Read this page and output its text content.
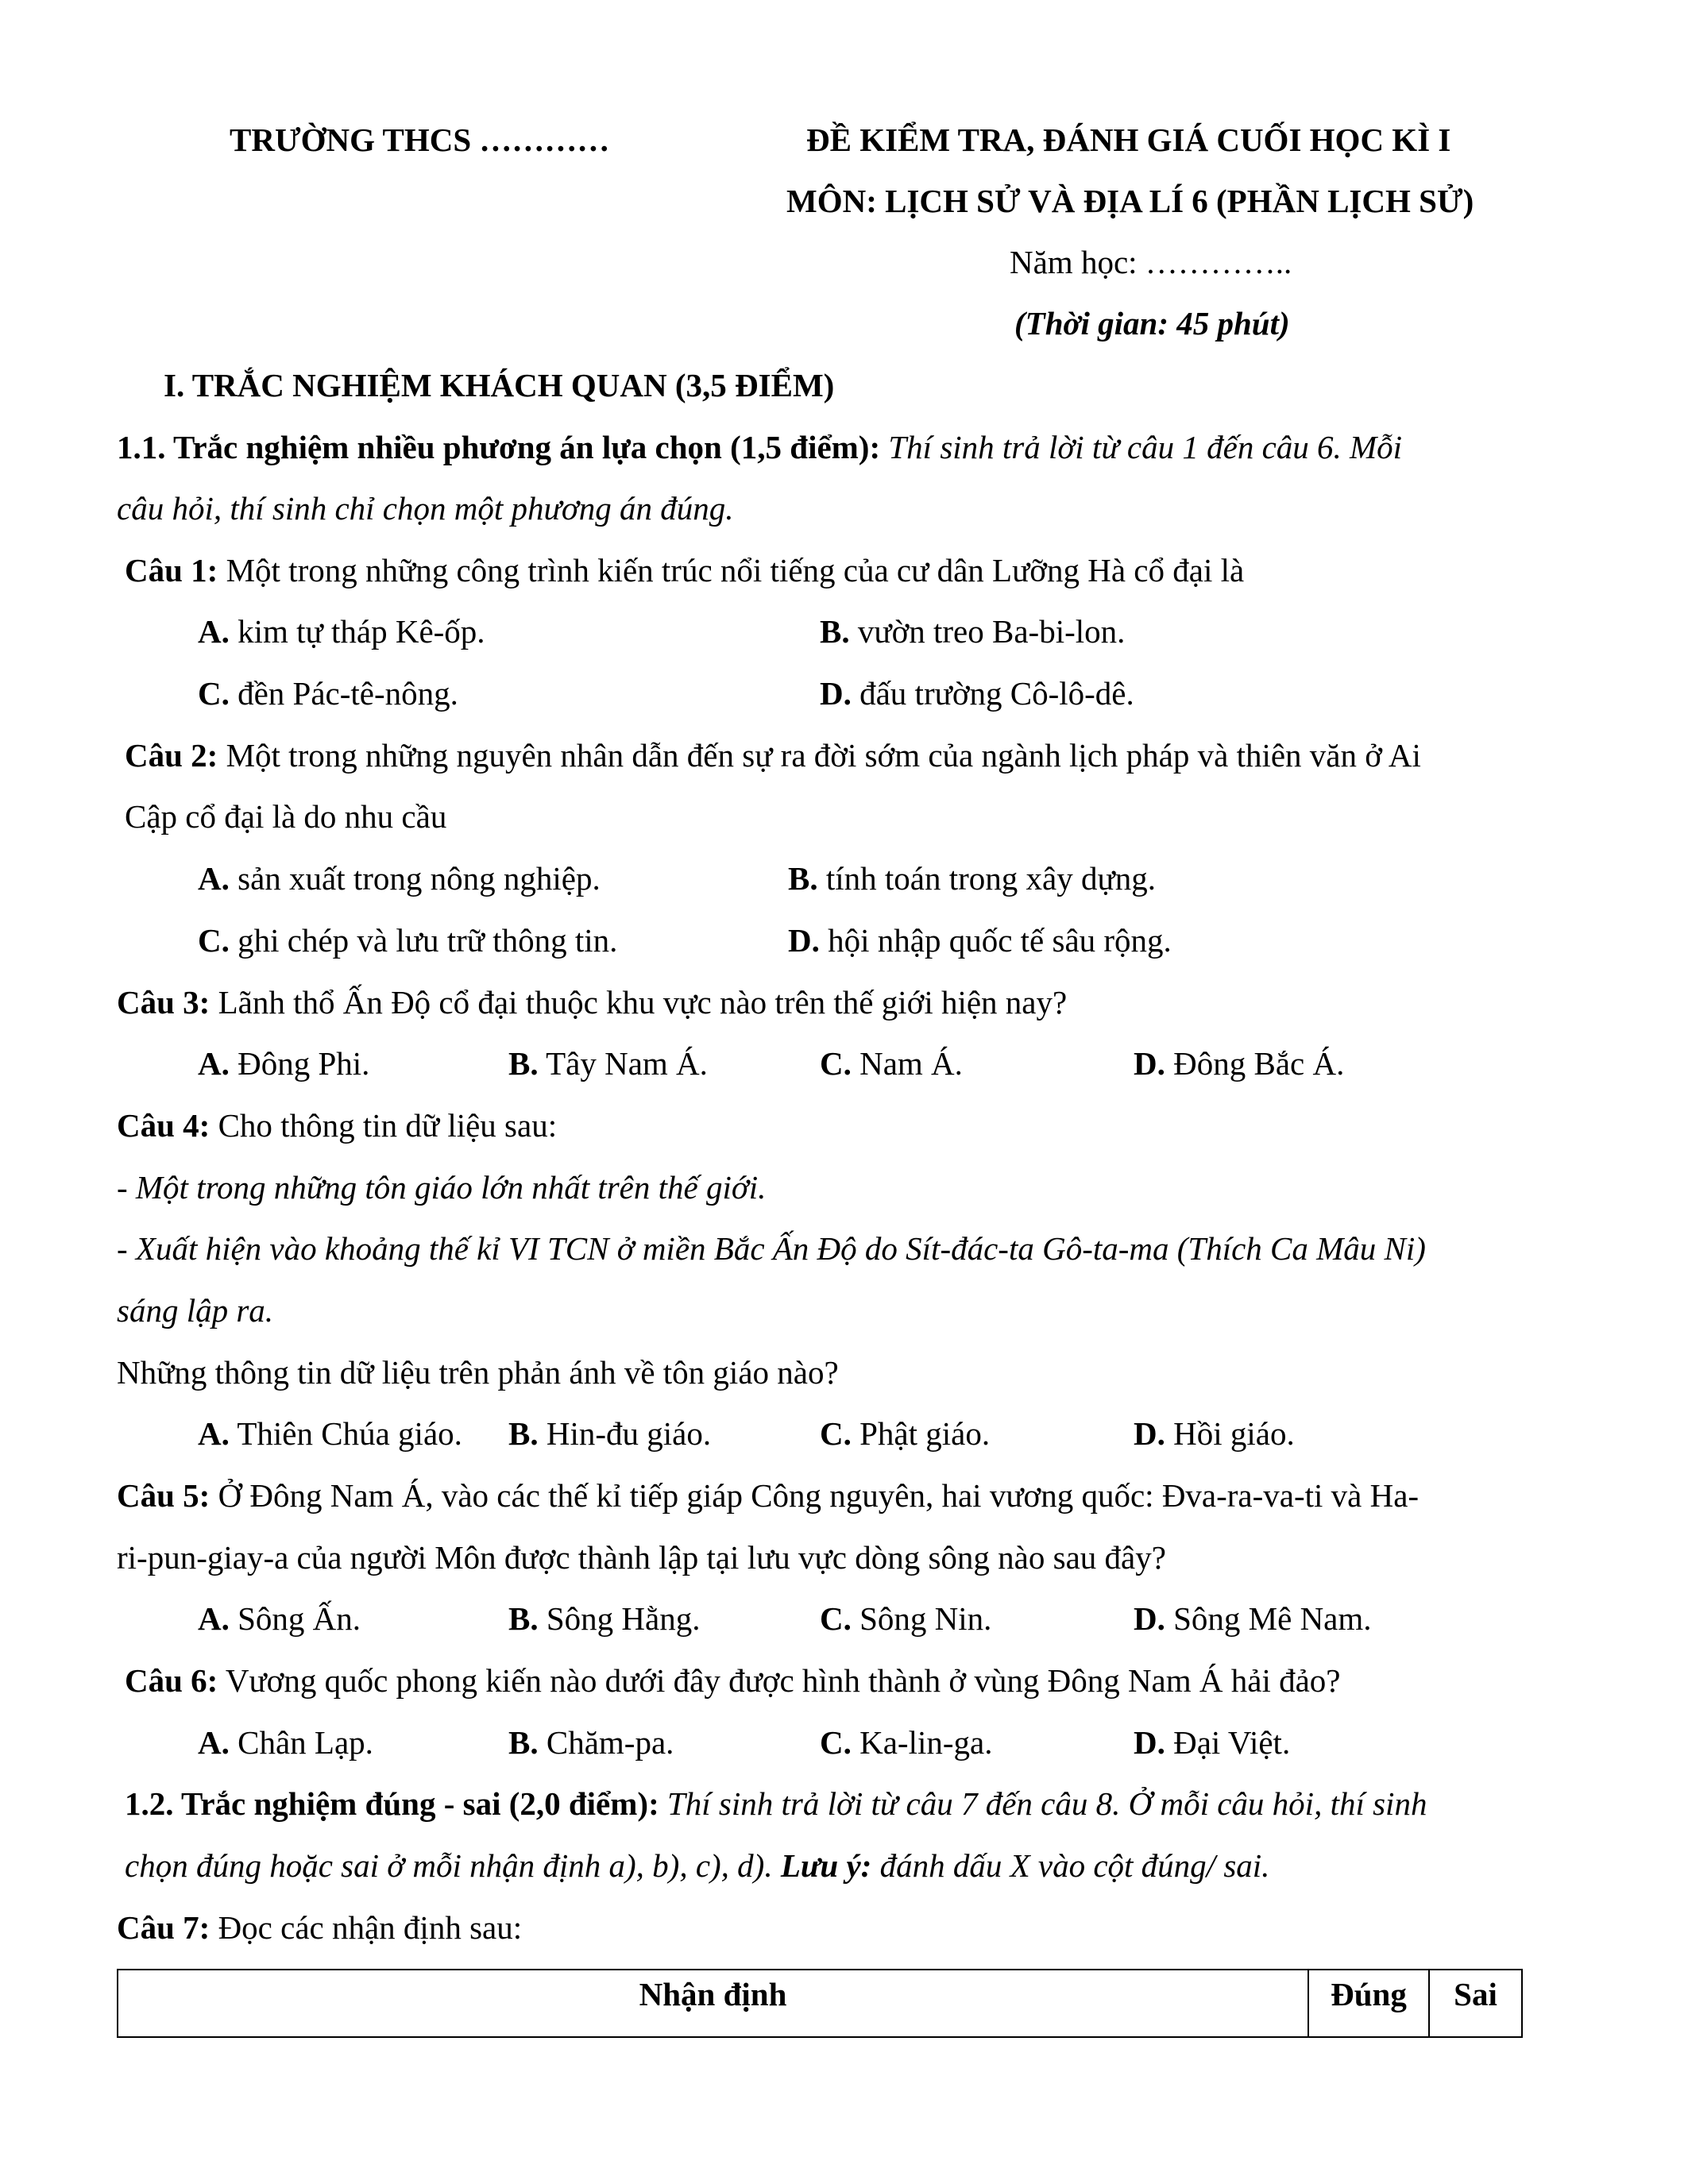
TRƯỜNG THCS …………	ĐỀ KIỂM TRA, ĐÁNH GIÁ CUỐI HỌC KÌ I
MÔN: LỊCH SỬ VÀ ĐỊA LÍ 6 (PHẦN LỊCH SỬ)
Năm học: …………..
(Thời gian: 45 phút)
I. TRẮC NGHIỆM KHÁCH QUAN (3,5 ĐIỂM)
1.1. Trắc nghiệm nhiều phương án lựa chọn (1,5 điểm): Thí sinh trả lời từ câu 1 đến câu 6. Mỗi
câu hỏi, thí sinh chỉ chọn một phương án đúng.
Câu 1: Một trong những công trình kiến trúc nổi tiếng của cư dân Lưỡng Hà cổ đại là
A. kim tự tháp Kê-ốp.	B. vườn treo Ba-bi-lon.
C. đền Pác-tê-nông.	D. đấu trường Cô-lô-dê.
Câu 2: Một trong những nguyên nhân dẫn đến sự ra đời sớm của ngành lịch pháp và thiên văn ở Ai
Cập cổ đại là do nhu cầu
A. sản xuất trong nông nghiệp.	B. tính toán trong xây dựng.
C. ghi chép và lưu trữ thông tin.	D. hội nhập quốc tế sâu rộng.
Câu 3: Lãnh thổ Ấn Độ cổ đại thuộc khu vực nào trên thế giới hiện nay?
A. Đông Phi.	B. Tây Nam Á.	C. Nam Á.	D. Đông Bắc Á.
Câu 4: Cho thông tin dữ liệu sau:
- Một trong những tôn giáo lớn nhất trên thế giới.
- Xuất hiện vào khoảng thế kỉ VI TCN ở miền Bắc Ấn Độ do Sít-đác-ta Gô-ta-ma (Thích Ca Mâu Ni)
sáng lập ra.
Những thông tin dữ liệu trên phản ánh về tôn giáo nào?
A. Thiên Chúa giáo. B. Hin-đu giáo.	C. Phật giáo.	D. Hồi giáo.
Câu 5: Ở Đông Nam Á, vào các thế kỉ tiếp giáp Công nguyên, hai vương quốc: Đva-ra-va-ti và Ha-
ri-pun-giay-a của người Môn được thành lập tại lưu vực dòng sông nào sau đây?
A. Sông Ấn.	B. Sông Hằng.	C. Sông Nin.	D. Sông Mê Nam.
Câu 6: Vương quốc phong kiến nào dưới đây được hình thành ở vùng Đông Nam Á hải đảo?
A. Chân Lạp.	B. Chăm-pa.	C. Ka-lin-ga.	D. Đại Việt.
1.2. Trắc nghiệm đúng - sai (2,0 điểm): Thí sinh trả lời từ câu 7 đến câu 8. Ở mỗi câu hỏi, thí sinh
chọn đúng hoặc sai ở mỗi nhận định a), b), c), d). Lưu ý: đánh dấu X vào cột đúng/ sai.
Câu 7: Đọc các nhận định sau:
Nhận định	Đúng	Sai
